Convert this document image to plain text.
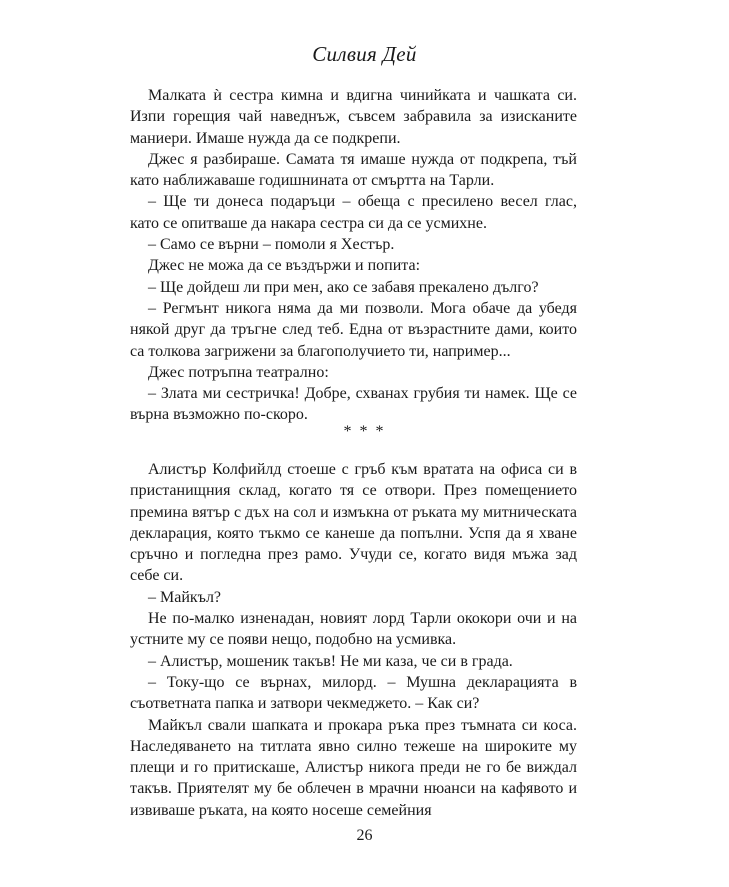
Силвия Дей

Малката ѝ сестра кимна и вдигна чинийката и чашката си. Изпи горещия чай наведнъж, съвсем забравила за изисканите маниери. Имаше нужда да се подкрепи.

Джес я разбираше. Самата тя имаше нужда от подкрепа, тъй като наближаваше годишнината от смъртта на Тарли.

– Ще ти донеса подаръци – обеща с пресилено весел глас, като се опитваше да накара сестра си да се усмихне.

– Само се върни – помоли я Хестър.

Джес не можа да се въздържи и попита:

– Ще дойдеш ли при мен, ако се забавя прекалено дълго?

– Регмънт никога няма да ми позволи. Мога обаче да убедя някой друг да тръгне след теб. Една от възрастните дами, които са толкова загрижени за благополучието ти, например...

Джес потръпна театрално:

– Злата ми сестричка! Добре, схванах грубия ти намек. Ще се върна възможно по-скоро.

* * *

Алистър Колфийлд стоеше с гръб към вратата на офиса си в пристанищния склад, когато тя се отвори. През помещението премина вятър с дъх на сол и измъкна от ръката му митническата декларация, която тъкмо се канеше да попълни. Успя да я хване сръчно и погледна през рамо. Учуди се, когато видя мъжа зад себе си.

– Майкъл?

Не по-малко изненадан, новият лорд Тарли ококори очи и на устните му се появи нещо, подобно на усмивка.

– Алистър, мошеник такъв! Не ми каза, че си в града.

– Току-що се върнах, милорд. – Мушна декларацията в съответната папка и затвори чекмеджето. – Как си?

Майкъл свали шапката и прокара ръка през тъмната си коса. Наследяването на титлата явно силно тежеше на широките му плещи и го притискаше, Алистър никога преди не го бе виждал такъв. Приятелят му бе облечен в мрачни нюанси на кафявото и извиваше ръката, на която носеше семейния

26
